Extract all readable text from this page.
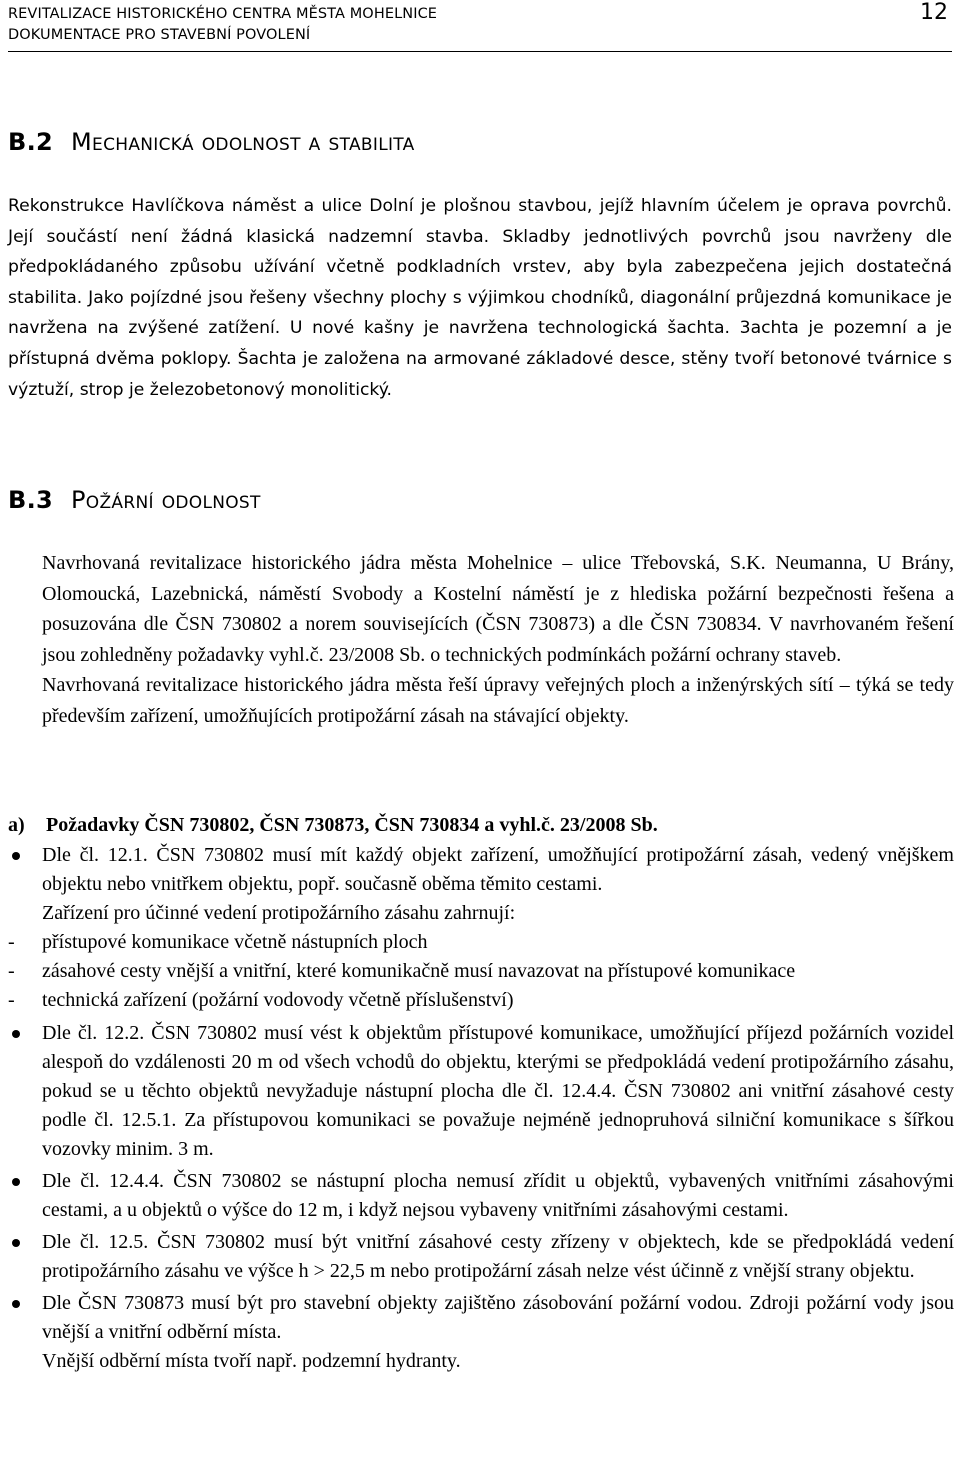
REVITALIZACE HISTORICKÉHO CENTRA MĚSTA MOHELNICE
DOKUMENTACE PRO STAVEBNÍ POVOLENÍ
12
B.2 Mechanická odolnost a stabilita

Rekonstrukce Havlíčkova náměst a ulice Dolní je plošnou stavbou, jejíž hlavním účelem je oprava povrchů. Její součástí není žádná klasická nadzemní stavba. Skladby jednotlivých povrchů jsou navrženy dle předpokládaného způsobu užívání včetně podkladních vrstev, aby byla zabezpečena jejich dostatečná stabilita. Jako pojízdné jsou řešeny všechny plochy s výjimkou chodníků, diagonální průjezdná komunikace je navržena na zvýšené zatížení. U nové kašny je navržena technologická šachta. 3achta je pozemní a je přístupná dvěma poklopy. Šachta je založena na armované základové desce, stěny tvoří betonové tvárnice s výztuží, strop je železobetonový monolitický.

B.3 Požární odolnost

Navrhovaná revitalizace historického jádra města Mohelnice – ulice Třebovská, S.K. Neumanna, U Brány, Olomoucká, Lazebnická, náměstí Svobody a Kostelní náměstí je z hlediska požární bezpečnosti řešena a posuzována dle ČSN 730802 a norem souvisejících (ČSN 730873) a dle ČSN 730834. V navrhovaném řešení jsou zohledněny požadavky vyhl.č. 23/2008 Sb. o technických podmínkách požární ochrany staveb.

Navrhovaná revitalizace historického jádra města řeší úpravy veřejných ploch a inženýrských sítí – týká se tedy především zařízení, umožňujících protipožární zásah na stávající objekty.

a) Požadavky ČSN 730802, ČSN 730873, ČSN 730834 a vyhl.č. 23/2008 Sb.
Dle čl. 12.1. ČSN 730802 musí mít každý objekt zařízení, umožňující protipožární zásah, vedený vnějškem objektu nebo vnitřkem objektu, popř. současně oběma těmito cestami.
Zařízení pro účinné vedení protipožárního zásahu zahrnují:
- přístupové komunikace včetně nástupních ploch
- zásahové cesty vnější a vnitřní, které komunikačně musí navazovat na přístupové komunikace
- technická zařízení (požární vodovody včetně příslušenství)
Dle čl. 12.2. ČSN 730802 musí vést k objektům přístupové komunikace, umožňující příjezd požárních vozidel alespoň do vzdálenosti 20 m od všech vchodů do objektu, kterými se předpokládá vedení protipožárního zásahu, pokud se u těchto objektů nevyžaduje nástupní plocha dle čl. 12.4.4. ČSN 730802 ani vnitřní zásahové cesty podle čl. 12.5.1. Za přístupovou komunikaci se považuje nejméně jednopruhová silniční komunikace s šířkou vozovky minim. 3 m.
Dle čl. 12.4.4. ČSN 730802 se nástupní plocha nemusí zřídit u objektů, vybavených vnitřními zásahovými cestami, a u objektů o výšce do 12 m, i když nejsou vybaveny vnitřními zásahovými cestami.
Dle čl. 12.5. ČSN 730802 musí být vnitřní zásahové cesty zřízeny v objektech, kde se předpokládá vedení protipožárního zásahu ve výšce h > 22,5 m nebo protipožární zásah nelze vést účinně z vnější strany objektu.
Dle ČSN 730873 musí být pro stavební objekty zajištěno zásobování požární vodou. Zdroji požární vody jsou vnější a vnitřní odběrní místa.
Vnější odběrní místa tvoří např. podzemní hydranty.
